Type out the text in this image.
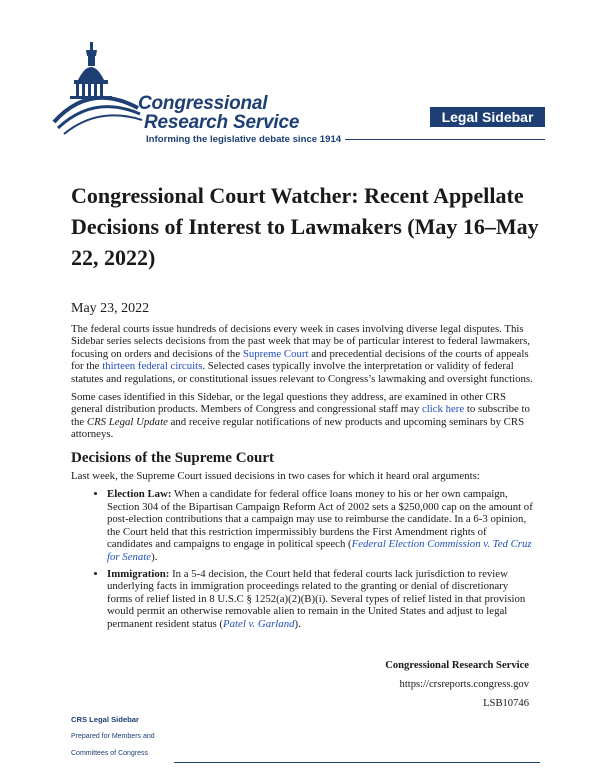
Congressional
Research Service
Informing the legislative debate since 1914
Legal Sidebar
Congressional Court Watcher: Recent Appellate Decisions of Interest to Lawmakers (May 16–May 22, 2022)

May 23, 2022

The federal courts issue hundreds of decisions every week in cases involving diverse legal disputes. This Sidebar series selects decisions from the past week that may be of particular interest to federal lawmakers, focusing on orders and decisions of the Supreme Court and precedential decisions of the courts of appeals for the thirteen federal circuits. Selected cases typically involve the interpretation or validity of federal statutes and regulations, or constitutional issues relevant to Congress’s lawmaking and oversight functions.

Some cases identified in this Sidebar, or the legal questions they address, are examined in other CRS general distribution products. Members of Congress and congressional staff may click here to subscribe to the CRS Legal Update and receive regular notifications of new products and upcoming seminars by CRS attorneys.

Decisions of the Supreme Court

Last week, the Supreme Court issued decisions in two cases for which it heard oral arguments:

• Election Law: When a candidate for federal office loans money to his or her own campaign, Section 304 of the Bipartisan Campaign Reform Act of 2002 sets a $250,000 cap on the amount of post-election contributions that a campaign may use to reimburse the candidate. In a 6-3 opinion, the Court held that this restriction impermissibly burdens the First Amendment rights of candidates and campaigns to engage in political speech (Federal Election Commission v. Ted Cruz for Senate).
• Immigration: In a 5-4 decision, the Court held that federal courts lack jurisdiction to review underlying facts in immigration proceedings related to the granting or denial of discretionary forms of relief listed in 8 U.S.C § 1252(a)(2)(B)(i). Several types of relief listed in that provision would permit an otherwise removable alien to remain in the United States and adjust to legal permanent resident status (Patel v. Garland).
Congressional Research Service
https://crsreports.congress.gov
LSB10746
CRS Legal Sidebar
Prepared for Members and
Committees of Congress
